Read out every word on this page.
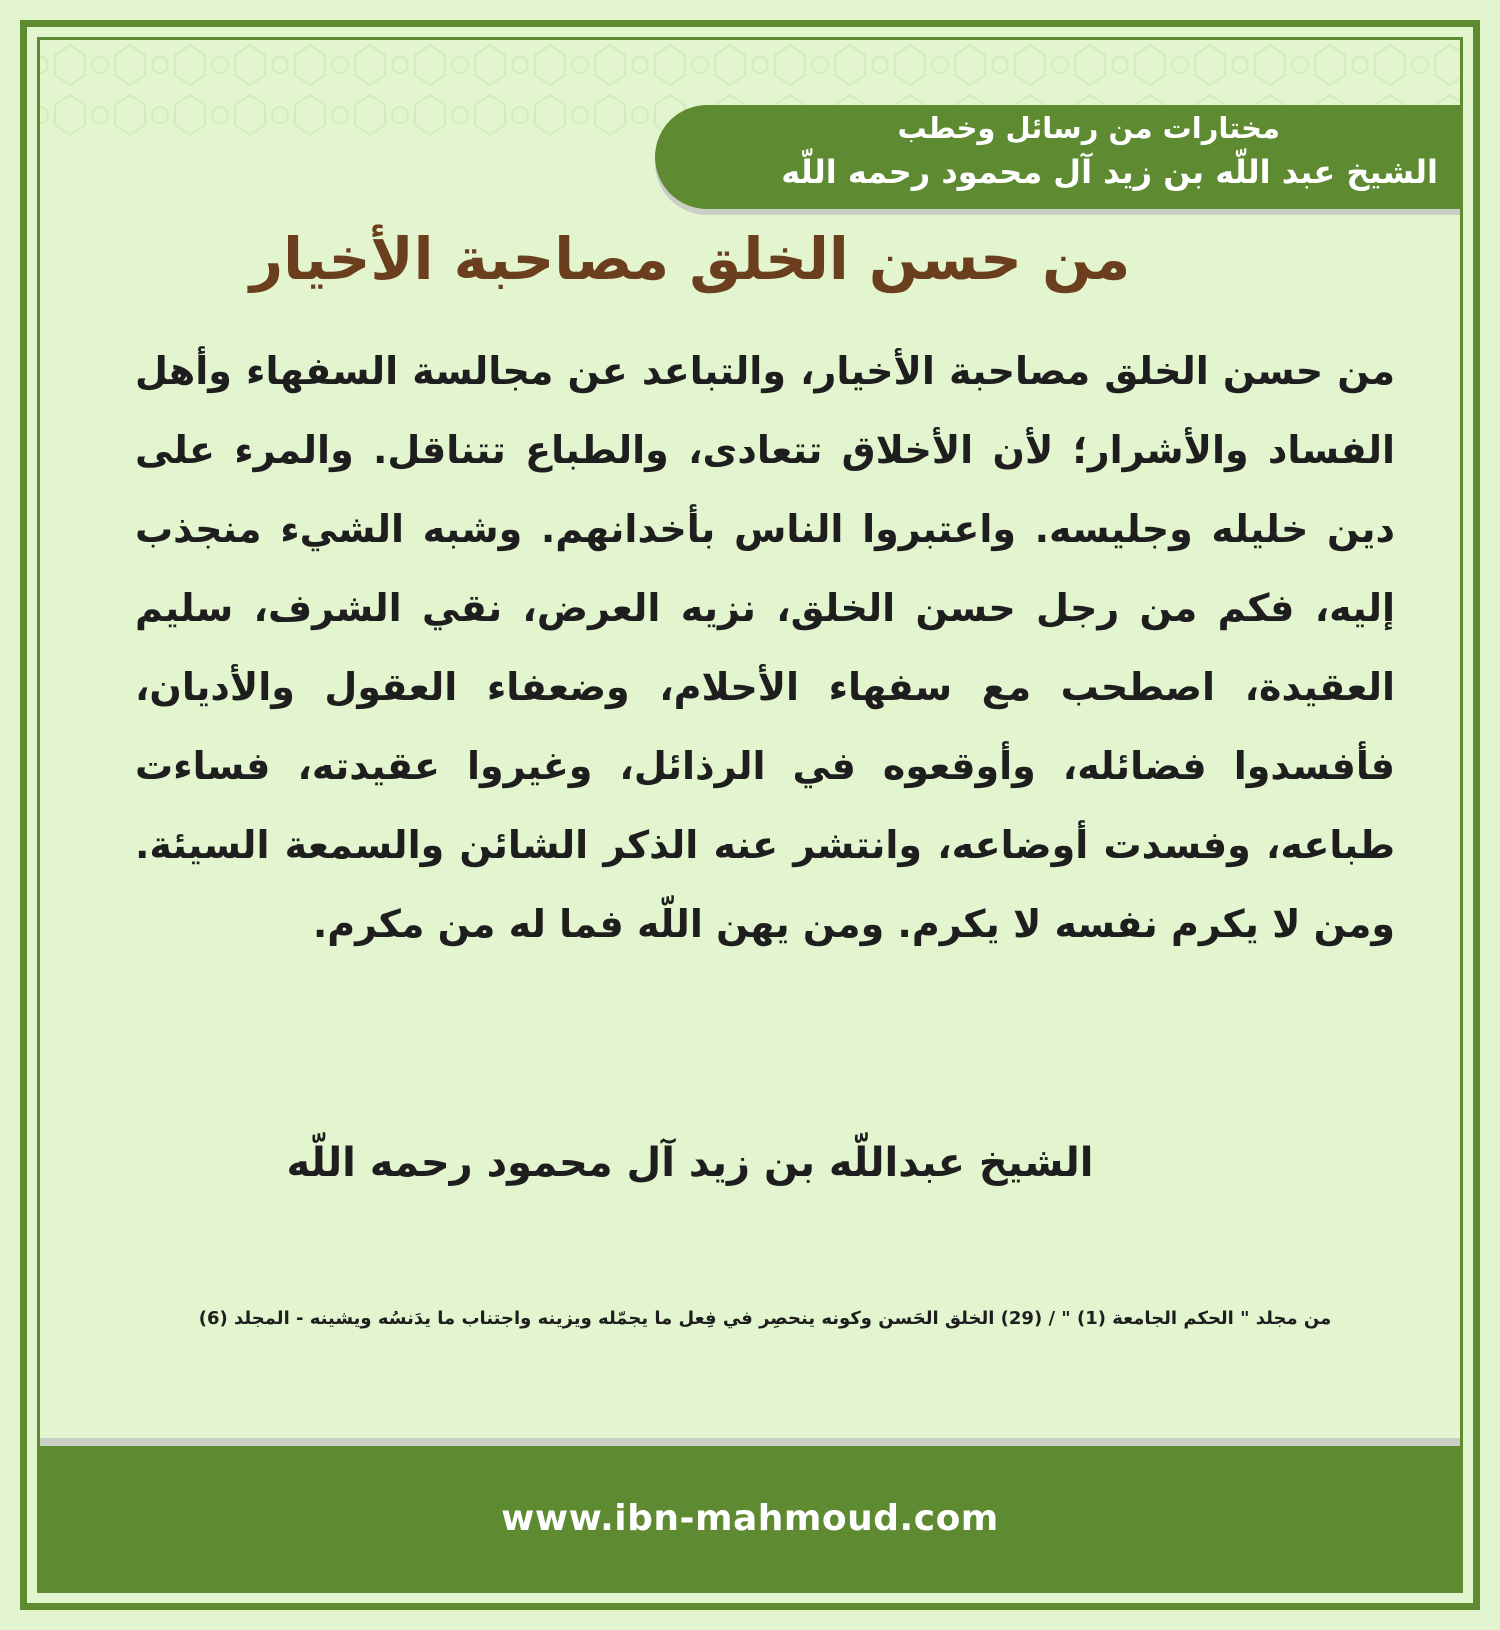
مختارات من رسائل وخطب
الشيخ عبد اللّه بن زيد آل محمود رحمه اللّه
من حسن الخلق مصاحبة الأخيار
من حسن الخلق مصاحبة الأخيار، والتباعد عن مجالسة السفهاء وأهل الفساد والأشرار؛ لأن الأخلاق تتعادى، والطباع تتناقل. والمرء على دين خليله وجليسه. واعتبروا الناس بأخدانهم. وشبه الشيء منجذب إليه، فكم من رجل حسن الخلق، نزيه العرض، نقي الشرف، سليم العقيدة، اصطحب مع سفهاء الأحلام، وضعفاء العقول والأديان، فأفسدوا فضائله، وأوقعوه في الرذائل، وغيروا عقيدته، فساءت طباعه، وفسدت أوضاعه، وانتشر عنه الذكر الشائن والسمعة السيئة. ومن لا يكرم نفسه لا يكرم. ومن يهن اللّه فما له من مكرم.
الشيخ عبداللّه بن زيد آل محمود رحمه اللّه
من مجلد " الحكم الجامعة (1) " / (29) الخلق الحَسن وكونه ينحصِر في فِعل ما يجمّله ويزينه واجتناب ما يدَنسُه ويشينه - المجلد (6)
www.ibn-mahmoud.com
